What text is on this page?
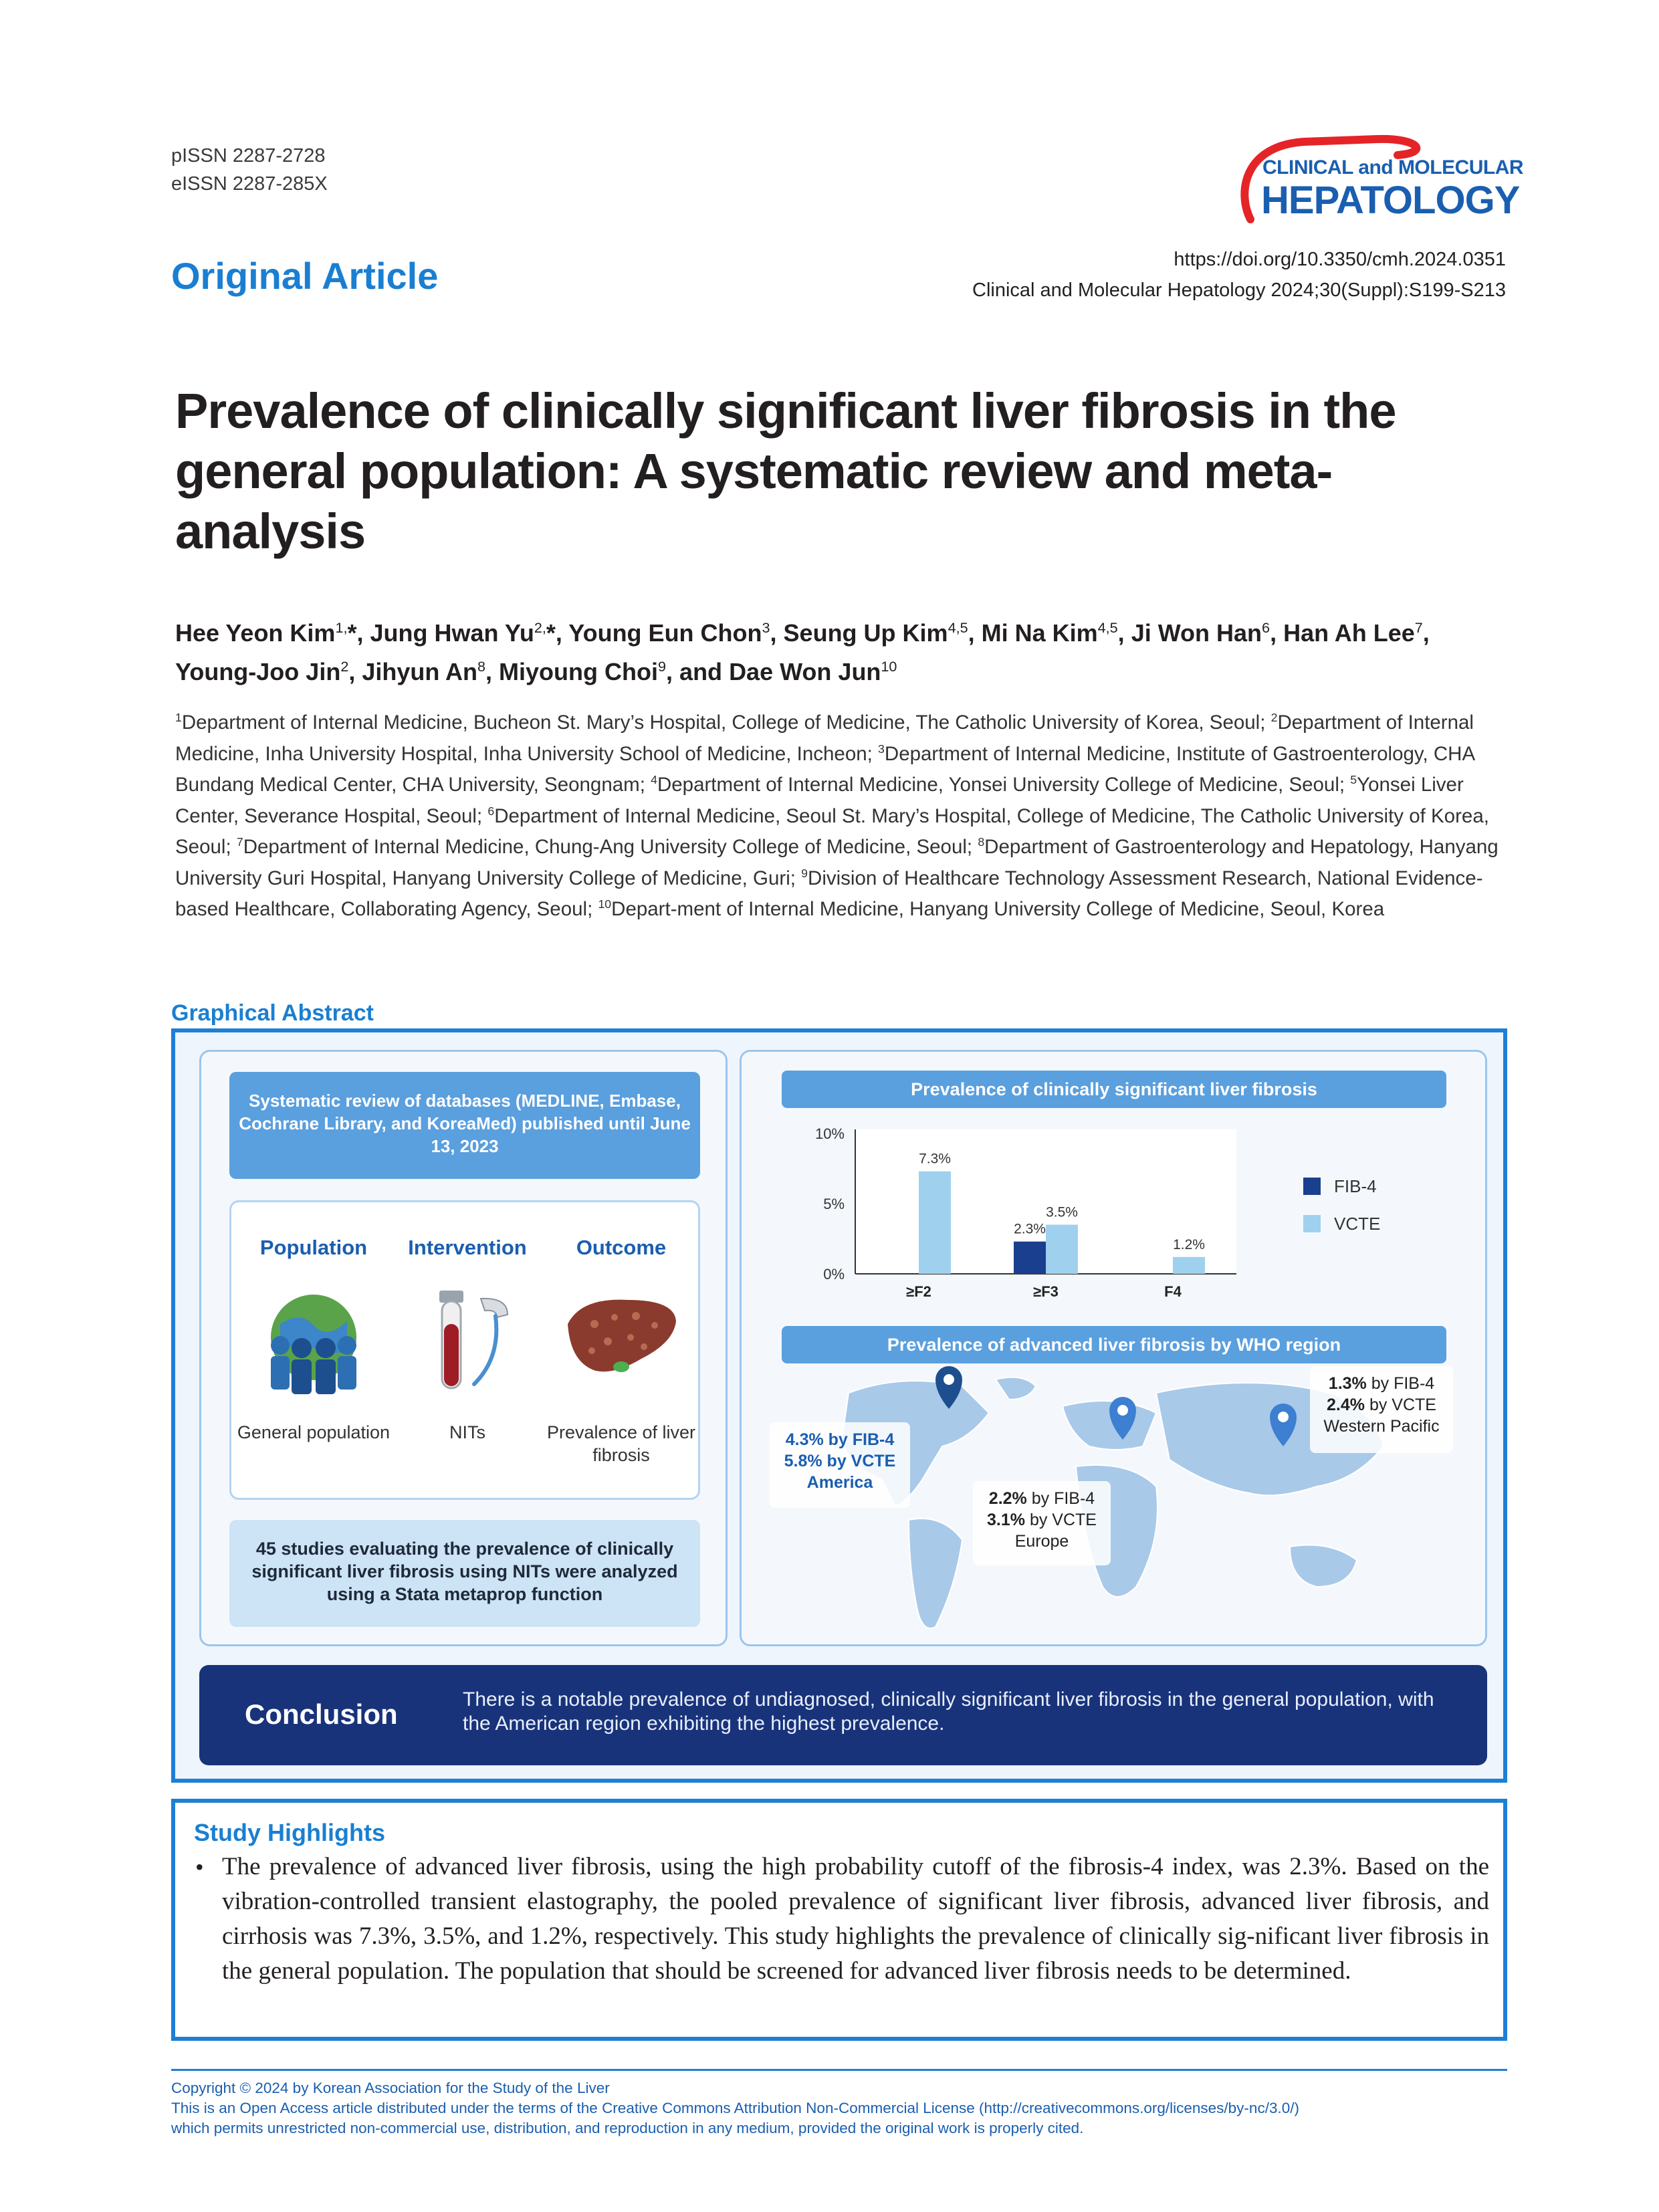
pISSN 2287-2728
eISSN 2287-285X
CLINICAL and MOLECULAR
HEPATOLOGY
Original Article	https://doi.org/10.3350/cmh.2024.0351
Clinical and Molecular Hepatology 2024;30(Suppl):S199-S213
Prevalence of clinically significant liver fibrosis in the general population: A systematic review and meta-analysis
Hee Yeon Kim$^{1,}$*, Jung Hwan $Yu^{2,}*$, Young Eun Chon$^3$, Seung Up Kim$^{4,5}$, Mi Na Kim$^{4,5}$, Ji Won Han$^6$, Han Ah Lee$^7$, Young-Joo Jin$^2$, Jihyun An$^8$, Miyoung Choi$^9$, and Dae Won Jun$^{10}$
$^1$Department of Internal Medicine, Bucheon St. Mary’s Hospital, College of Medicine, The Catholic University of Korea, Seoul; $^2$Department of Internal Medicine, Inha University Hospital, Inha University School of Medicine, Incheon; $^3$Department of Internal Medicine, Institute of Gastroenterology, CHA Bundang Medical Center, CHA University, Seongnam; $^4$Department of Internal Medicine, Yonsei University College of Medicine, Seoul; $^5$Yonsei Liver Center, Severance Hospital, Seoul; $^6$Department of Internal Medicine, Seoul St. Mary’s Hospital, College of Medicine, The Catholic University of Korea, Seoul; $^7$Department of Internal Medicine, Chung-Ang University College of Medicine, Seoul; $^8$Department of Gastroenterology and Hepatology, Hanyang University Guri Hospital, Hanyang University College of Medicine, Guri; $^9$Division of Healthcare Technology Assessment Research, National Evidence-based Healthcare, Collaborating Agency, Seoul; $^{10}$Depart-ment of Internal Medicine, Hanyang University College of Medicine, Seoul, Korea
Graphical Abstract
Systematic review of databases (MEDLINE, Embase, Cochrane Library, and KoreaMed) published until June 13, 2023
Population
General population
Intervention
NITs
Outcome
Prevalence of liver fibrosis
45 studies evaluating the prevalence of clinically significant liver fibrosis using NITs were analyzed using a Stata metaprop function
Prevalence of clinically significant liver fibrosis
0%
5%
10%
≥F2
7.3%
≥F3
2.3%
3.5%
F4
1.2%
FIB-4
VCTE
Prevalence of advanced liver fibrosis by WHO region
4.3% by FIB-4
5.8% by VCTE
America
2.2% by FIB-4
3.1% by VCTE
Europe
1.3% by FIB-4
2.4% by VCTE
Western Pacific
Conclusion	There is a notable prevalence of undiagnosed, clinically significant liver fibrosis in the general population, with the American region exhibiting the highest prevalence.
Study Highlights
• The prevalence of advanced liver fibrosis, using the high probability cutoff of the fibrosis-4 index, was 2.3%. Based on the vibration-controlled transient elastography, the pooled prevalence of significant liver fibrosis, advanced liver fibrosis, and cirrhosis was 7.3%, 3.5%, and 1.2%, respectively. This study highlights the prevalence of clinically sig-nificant liver fibrosis in the general population. The population that should be screened for advanced liver fibrosis needs to be determined.
Copyright © 2024 by Korean Association for the Study of the Liver
This is an Open Access article distributed under the terms of the Creative Commons Attribution Non-Commercial License (http://creativecommons.org/licenses/by-nc/3.0/)
which permits unrestricted non-commercial use, distribution, and reproduction in any medium, provided the original work is properly cited.
